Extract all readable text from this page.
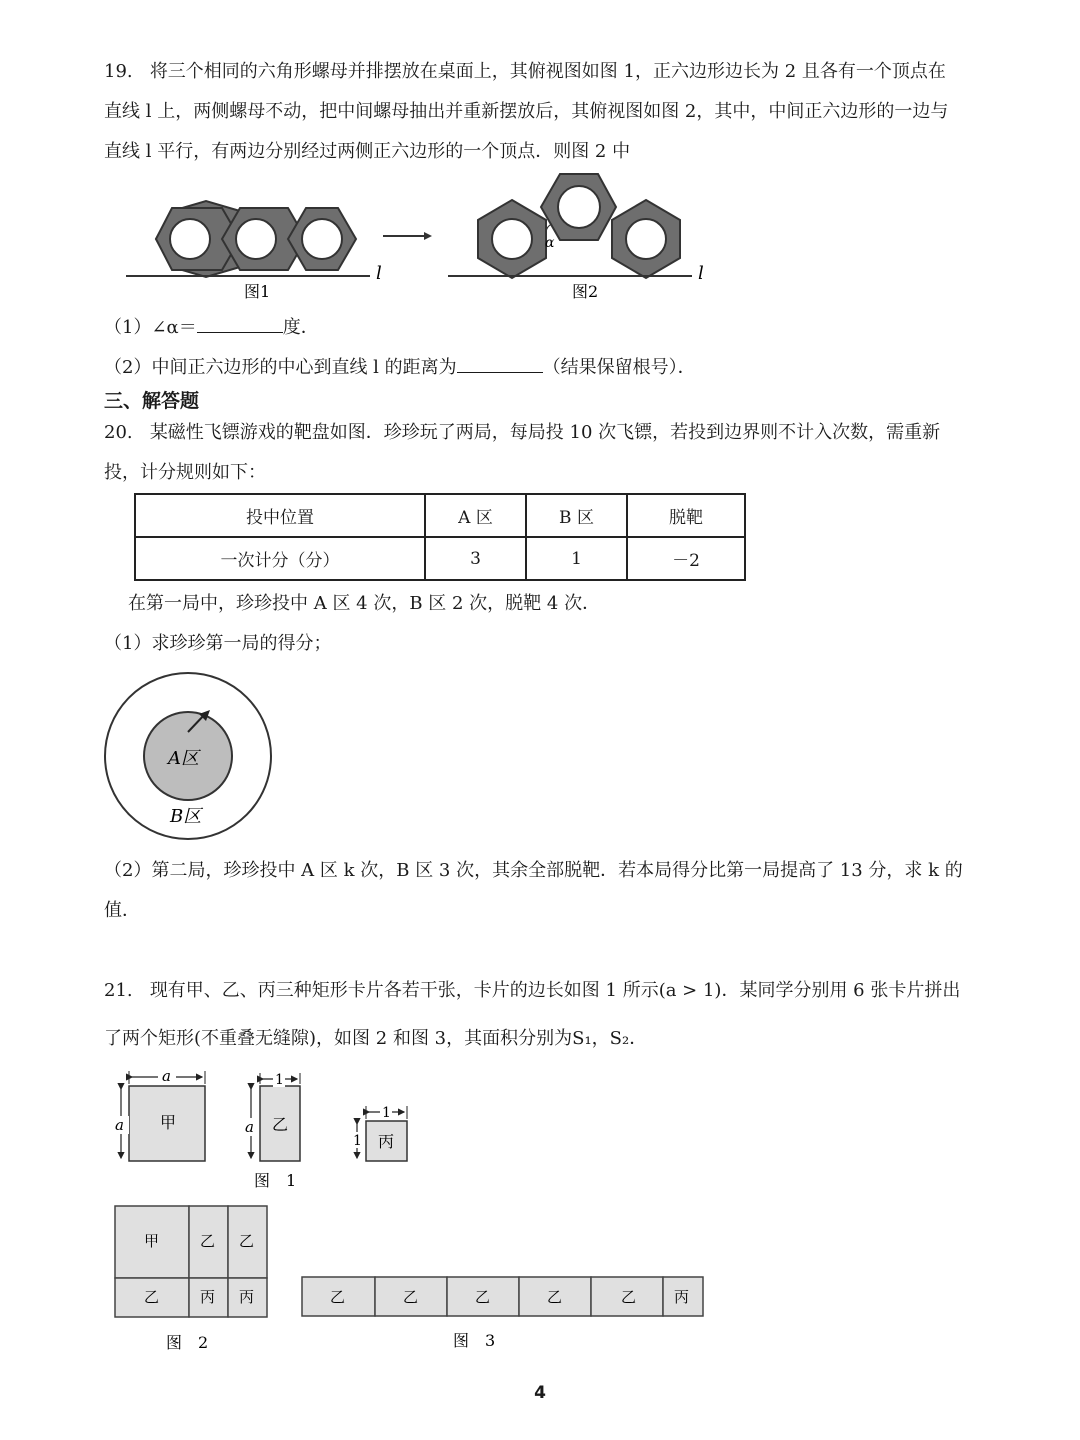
19. 将三个相同的六角形螺母并排摆放在桌面上，其俯视图如图 1，正六边形边长为 2 且各有一个顶点在
直线 l 上，两侧螺母不动，把中间螺母抽出并重新摆放后，其俯视图如图 2，其中，中间正六边形的一边与
直线 l 平行，有两边分别经过两侧正六边形的一个顶点．则图 2 中
l
图1
α
l
图2
（1）∠α＝	度．
（2）中间正六边形的中心到直线 l 的距离为	（结果保留根号）．
三、解答题
20. 某磁性飞镖游戏的靶盘如图．珍珍玩了两局，每局投 10 次飞镖，若投到边界则不计入次数，需重新
投，计分规则如下：
投中位置	A 区	B 区	脱靶
一次计分（分）	3	1	－2
在第一局中，珍珍投中 A 区 4 次，B 区 2 次，脱靶 4 次．
（1）求珍珍第一局的得分；
A区
B区
（2）第二局，珍珍投中 A 区 k 次，B 区 3 次，其余全部脱靶．若本局得分比第一局提高了 13 分，求 k 的
值．
21. 现有甲、乙、丙三种矩形卡片各若干张，卡片的边长如图 1 所示(a > 1)．某同学分别用 6 张卡片拼出
了两个矩形(不重叠无缝隙)，如图 2 和图 3，其面积分别为S₁，S₂．
甲
a
a	乙
1
a
丙
1
1
图　1
甲	乙 乙
乙	丙 丙
图　2
乙	乙	乙	乙	乙	丙
图　3
4
